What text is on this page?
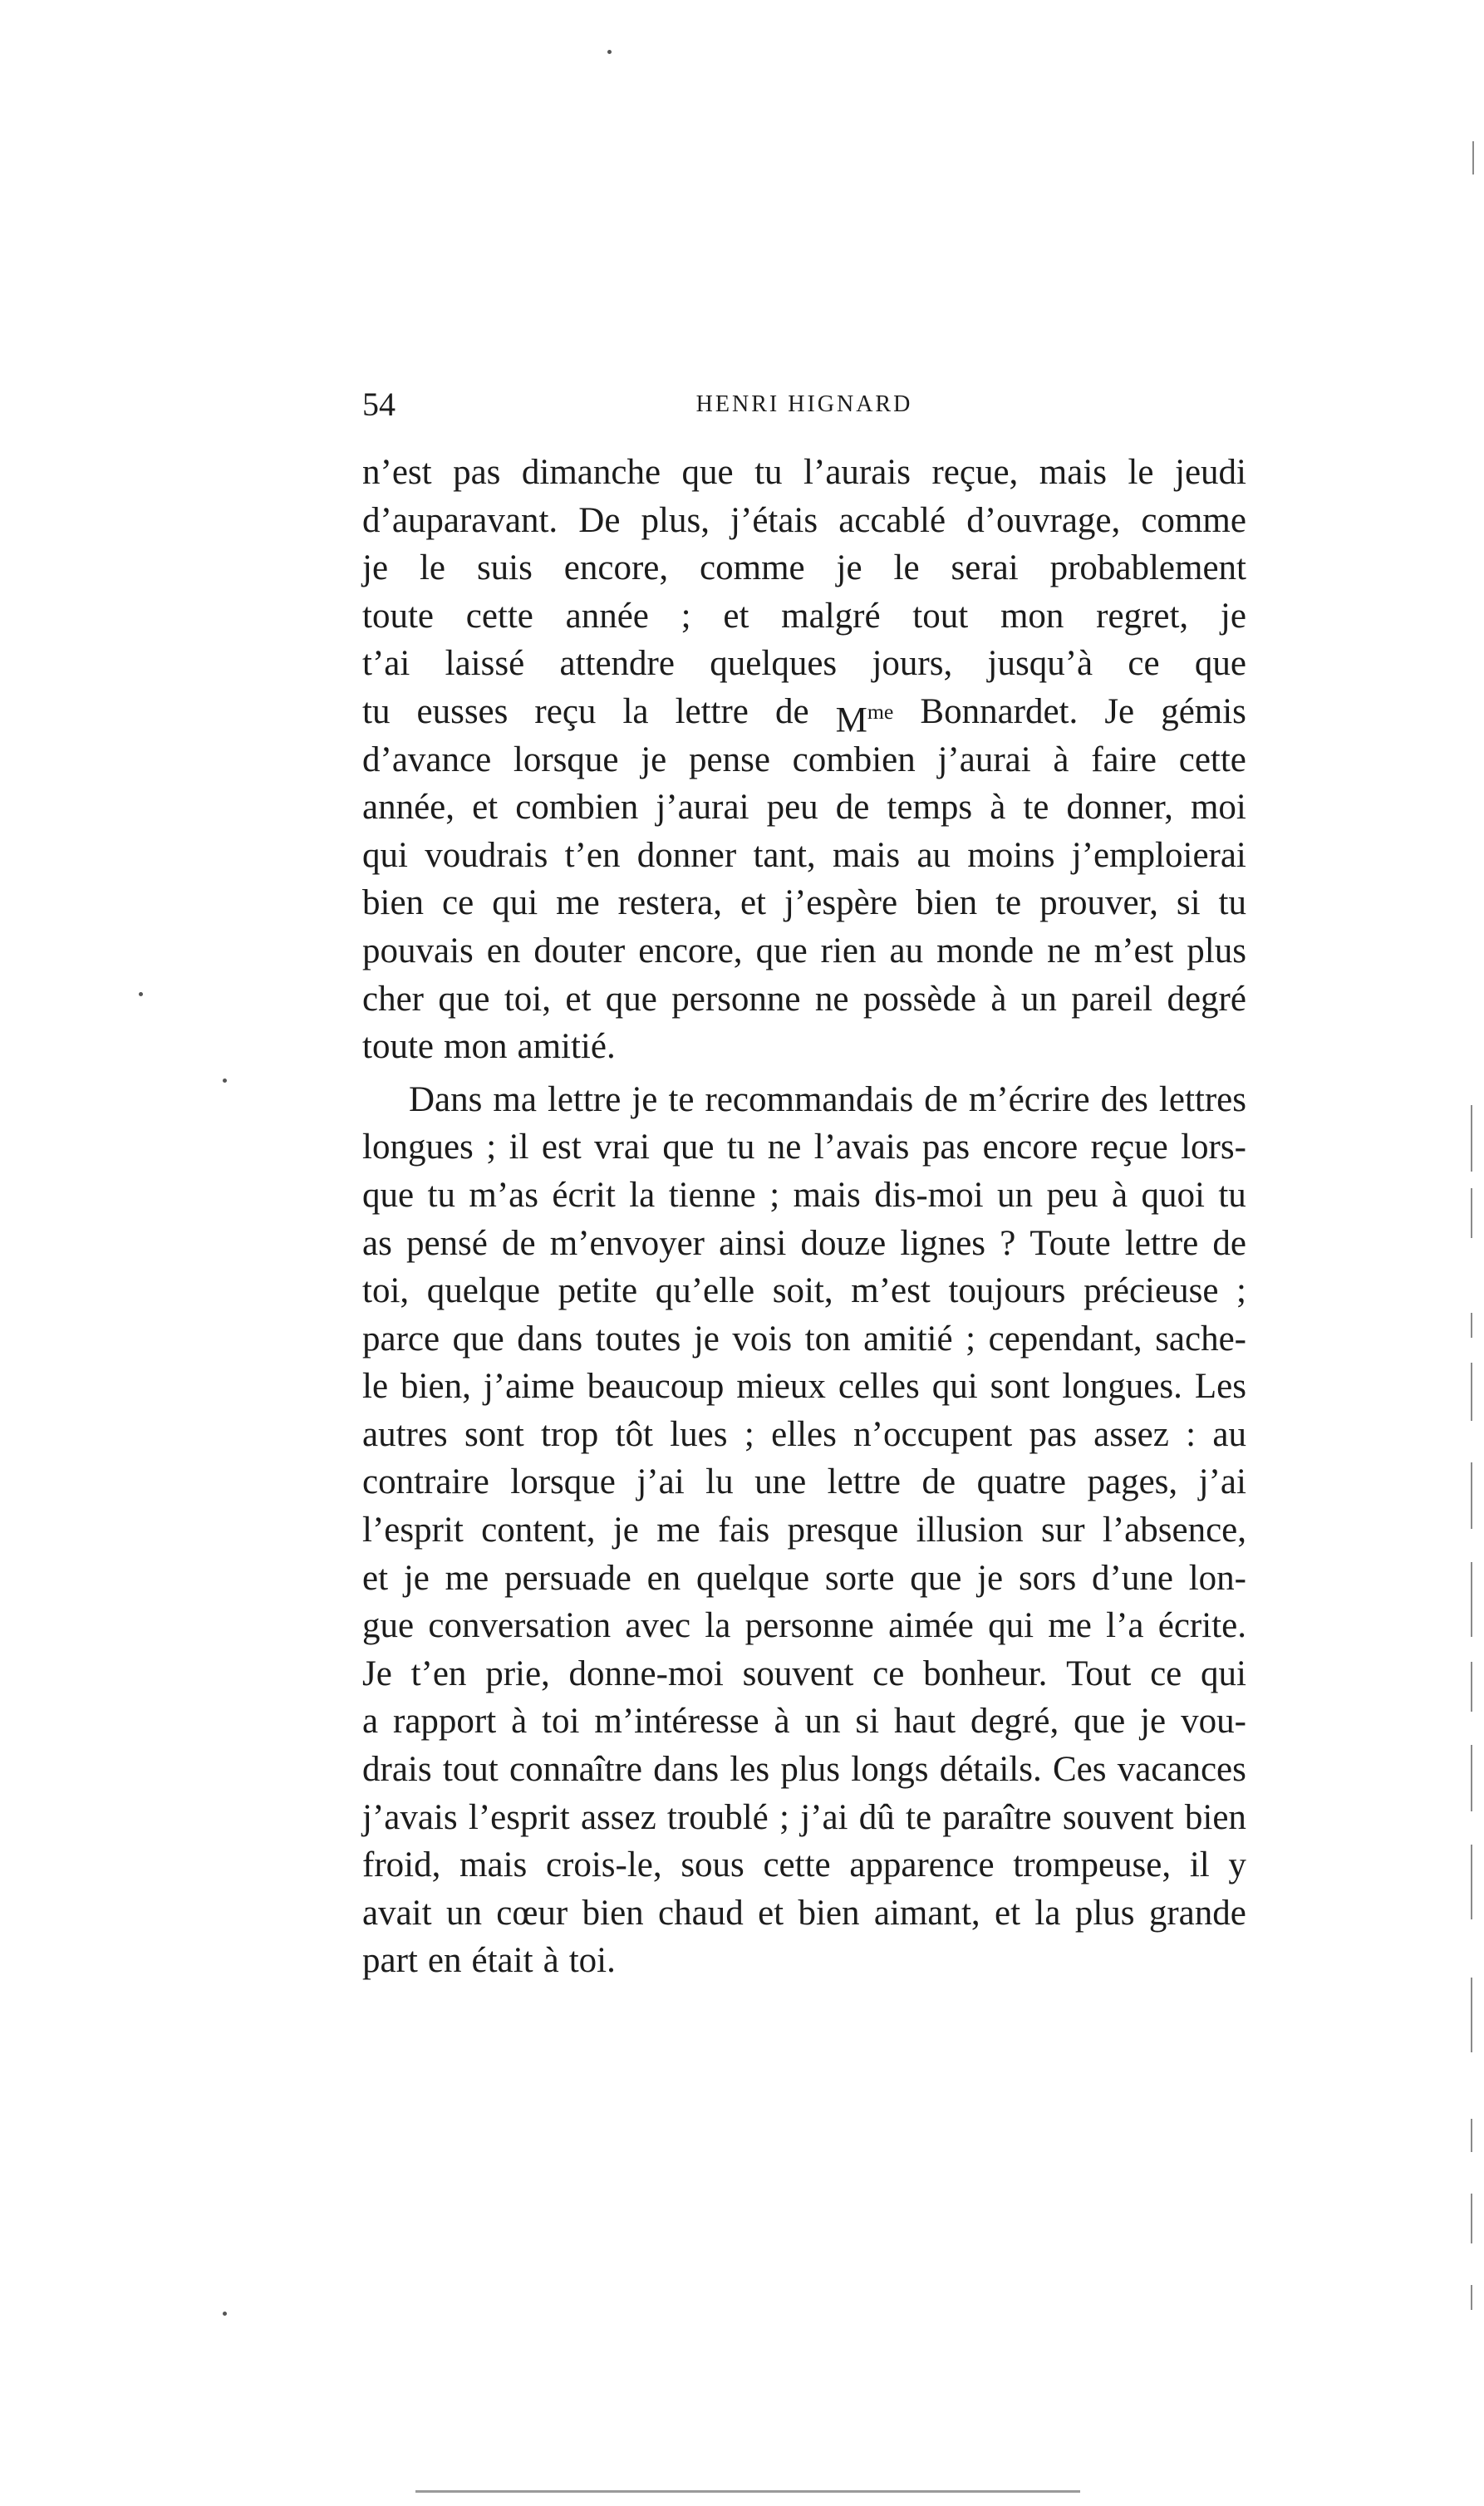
54	HENRI HIGNARD
n’est pas dimanche que tu l’aurais reçue, mais le jeudi
d’auparavant. De plus, j’étais accablé d’ouvrage, comme
je le suis encore, comme je le serai probablement
toute cette année ; et malgré tout mon regret, je
t’ai laissé attendre quelques jours, jusqu’à ce que
tu eusses reçu la lettre de $M^{me}$ Bonnardet. Je gémis
d’avance lorsque je pense combien j’aurai à faire cette
année, et combien j’aurai peu de temps à te donner, moi
qui voudrais t’en donner tant, mais au moins j’emploierai
bien ce qui me restera, et j’espère bien te prouver, si tu
pouvais en douter encore, que rien au monde ne m’est plus
cher que toi, et que personne ne possède à un pareil degré
toute mon amitié.
Dans ma lettre je te recommandais de m’écrire des lettres
longues ; il est vrai que tu ne l’avais pas encore reçue lors-
que tu m’as écrit la tienne ; mais dis-moi un peu à quoi tu
as pensé de m’envoyer ainsi douze lignes ? Toute lettre de
toi, quelque petite qu’elle soit, m’est toujours précieuse ;
parce que dans toutes je vois ton amitié ; cependant, sache-
le bien, j’aime beaucoup mieux celles qui sont longues. Les
autres sont trop tôt lues ; elles n’occupent pas assez : au
contraire lorsque j’ai lu une lettre de quatre pages, j’ai
l’esprit content, je me fais presque illusion sur l’absence,
et je me persuade en quelque sorte que je sors d’une lon-
gue conversation avec la personne aimée qui me l’a écrite.
Je t’en prie, donne-moi souvent ce bonheur. Tout ce qui
a rapport à toi m’intéresse à un si haut degré, que je vou-
drais tout connaître dans les plus longs détails. Ces vacances
j’avais l’esprit assez troublé ; j’ai dû te paraître souvent bien
froid, mais crois-le, sous cette apparence trompeuse, il y
avait un cœur bien chaud et bien aimant, et la plus grande
part en était à toi.
